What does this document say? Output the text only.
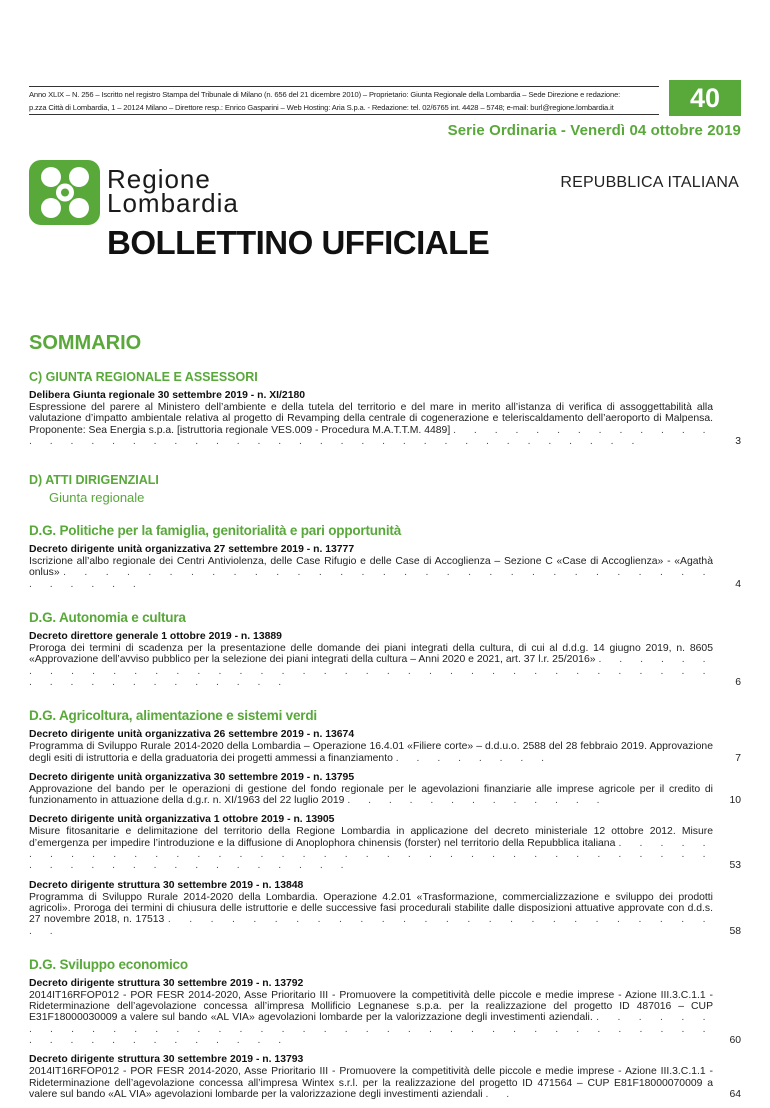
Anno XLIX – N. 256 – Iscritto nel registro Stampa del Tribunale di Milano (n. 656 del 21 dicembre 2010) – Proprietario: Giunta Regionale della Lombardia – Sede Direzione e redazione:
p.zza Città di Lombardia, 1 – 20124 Milano – Direttore resp.: Enrico Gasparini – Web Hosting: Aria S.p.a. - Redazione: tel. 02/6765 int. 4428 – 5748; e-mail: burl@regione.lombardia.it	40
Serie Ordinaria - Venerdì 04 ottobre 2019
Regione
Lombardia
REPUBBLICA ITALIANA
BOLLETTINO UFFICIALE
SOMMARIO
C) GIUNTA REGIONALE E ASSESSORI
Delibera Giunta regionale 30 settembre 2019 - n. XI/2180
Espressione del parere al Ministero dell’ambiente e della tutela del territorio e del mare in merito all’istanza di verifica di assoggettabilità alla valutazione d’impatto ambientale relativa al progetto di Revamping della centrale di cogenerazione e teleriscaldamento dell’aeroporto di Malpensa. Proponente: Sea Energia s.p.a. [istruttoria regionale VES.009 - Procedura M.A.T.T.M. 4489] . . . . . . . . . . . . . . . . . . . . . . . . . . . . . . . . . . . . . . . . . . .	3
D) ATTI DIRIGENZIALI
Giunta regionale
D.G. Politiche per la famiglia, genitorialità e pari opportunità
Decreto dirigente unità organizzativa 27 settembre 2019 - n. 13777
Iscrizione all’albo regionale dei Centri Antiviolenza, delle Case Rifugio e delle Case di Accoglienza – Sezione C «Case di Accoglienza» - «Agathà onlus» . . . . . . . . . . . . . . . . . . . . . . . . . . . . . . . . . . . . .	4
D.G. Autonomia e cultura
Decreto direttore generale 1 ottobre 2019 - n. 13889
Proroga dei termini di scadenza per la presentazione delle domande dei piani integrati della cultura, di cui al d.d.g. 14 giugno 2019, n. 8605 «Approvazione dell’avviso pubblico per la selezione dei piani integrati della cultura – Anni 2020 e 2021, art. 37 l.r. 25/2016» . . . . . . . . . . . . . . . . . . . . . . . . . . . . . . . . . . . . . . . . . . . . . . . . . . . .	6
D.G. Agricoltura, alimentazione e sistemi verdi
Decreto dirigente unità organizzativa 26 settembre 2019 - n. 13674
Programma di Sviluppo Rurale 2014-2020 della Lombardia – Operazione 16.4.01 «Filiere corte» – d.d.u.o. 2588 del 28 febbraio 2019. Approvazione degli esiti di istruttoria e della graduatoria dei progetti ammessi a finanziamento . . . . . . . .	7
Decreto dirigente unità organizzativa 30 settembre 2019 - n. 13795
Approvazione del bando per le operazioni di gestione del fondo regionale per le agevolazioni finanziarie alle imprese agricole per il credito di funzionamento in attuazione della d.g.r. n. XI/1963 del 22 luglio 2019 . . . . . . . . . . . . .	10
Decreto dirigente unità organizzativa 1 ottobre 2019 - n. 13905
Misure fitosanitarie e delimitazione del territorio della Regione Lombardia in applicazione del decreto ministeriale 12 ottobre 2012. Misure d’emergenza per impedire l’introduzione e la diffusione di Anoplophora chinensis (forster) nel territorio della Repubblica italiana . . . . . . . . . . . . . . . . . . . . . . . . . . . . . . . . . . . . . . . . . . . . . . . . . . . . . .	53
Decreto dirigente struttura 30 settembre 2019 - n. 13848
Programma di Sviluppo Rurale 2014-2020 della Lombardia. Operazione 4.2.01 «Trasformazione, commercializzazione e sviluppo dei prodotti agricoli». Proroga dei termini di chiusura delle istruttorie e delle successive fasi procedurali stabilite dalle disposizioni attuative approvate con d.d.s. 27 novembre 2018, n. 17513 . . . . . . . . . . . . . . . . . . . . . . . . . . . .	58
D.G. Sviluppo economico
Decreto dirigente struttura 30 settembre 2019 - n. 13792
2014IT16RFOP012 - POR FESR 2014-2020, Asse Prioritario III - Promuovere la competitività delle piccole e medie imprese - Azione III.3.C.1.1 - Rideterminazione dell’agevolazione concessa all’impresa Mollificio Legnanese s.p.a. per la realizzazione del progetto ID 487016 – CUP E31F18000030009 a valere sul bando «AL VIA» agevolazioni lombarde per la valorizzazione degli investimenti aziendali. . . . . . . . . . . . . . . . . . . . . . . . . . . . . . . . . . . . . . . . . . . . . . . . . . . . .	60
Decreto dirigente struttura 30 settembre 2019 - n. 13793
2014IT16RFOP012 - POR FESR 2014-2020, Asse Prioritario III - Promuovere la competitività delle piccole e medie imprese - Azione III.3.C.1.1 - Rideterminazione dell’agevolazione concessa all’impresa Wintex s.r.l. per la realizzazione del progetto ID 471564 – CUP E81F18000070009 a valere sul bando «AL VIA» agevolazioni lombarde per la valorizzazione degli investimenti aziendali . .	64
